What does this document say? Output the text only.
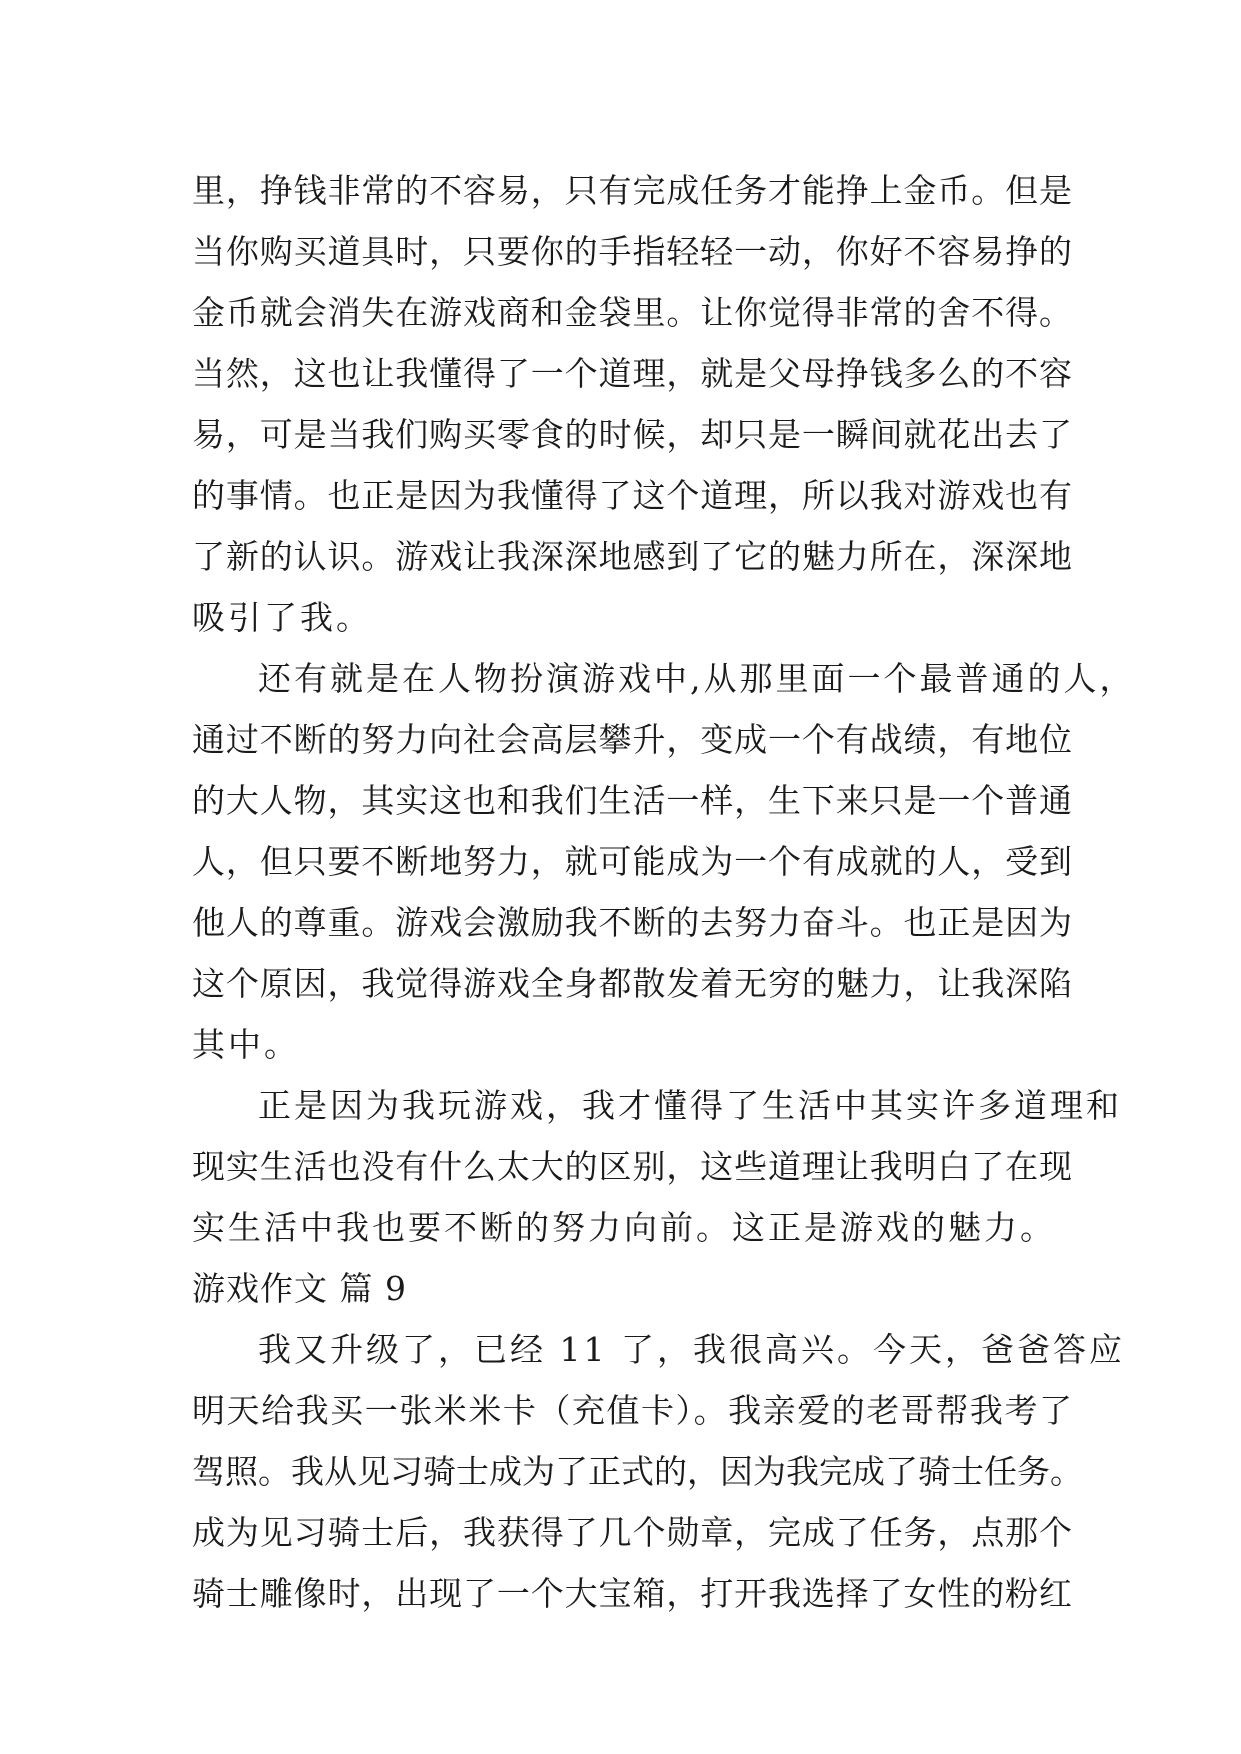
里，挣钱非常的不容易，只有完成任务才能挣上金币。但是
当你购买道具时，只要你的手指轻轻一动，你好不容易挣的
金币就会消失在游戏商和金袋里。让你觉得非常的舍不得。
当然，这也让我懂得了一个道理，就是父母挣钱多么的不容
易，可是当我们购买零食的时候，却只是一瞬间就花出去了
的事情。也正是因为我懂得了这个道理，所以我对游戏也有
了新的认识。游戏让我深深地感到了它的魅力所在，深深地
吸引了我。
还有就是在人物扮演游戏中,从那里面一个最普通的人，
通过不断的努力向社会高层攀升，变成一个有战绩，有地位
的大人物，其实这也和我们生活一样，生下来只是一个普通
人，但只要不断地努力，就可能成为一个有成就的人，受到
他人的尊重。游戏会激励我不断的去努力奋斗。也正是因为
这个原因，我觉得游戏全身都散发着无穷的魅力，让我深陷
其中。
正是因为我玩游戏，我才懂得了生活中其实许多道理和
现实生活也没有什么太大的区别，这些道理让我明白了在现
实生活中我也要不断的努力向前。这正是游戏的魅力。
游戏作文 篇 9
我又升级了，已经 11 了，我很高兴。今天，爸爸答应
明天给我买一张米米卡（充值卡）。我亲爱的老哥帮我考了
驾照。我从见习骑士成为了正式的，因为我完成了骑士任务。
成为见习骑士后，我获得了几个勋章，完成了任务，点那个
骑士雕像时，出现了一个大宝箱，打开我选择了女性的粉红
